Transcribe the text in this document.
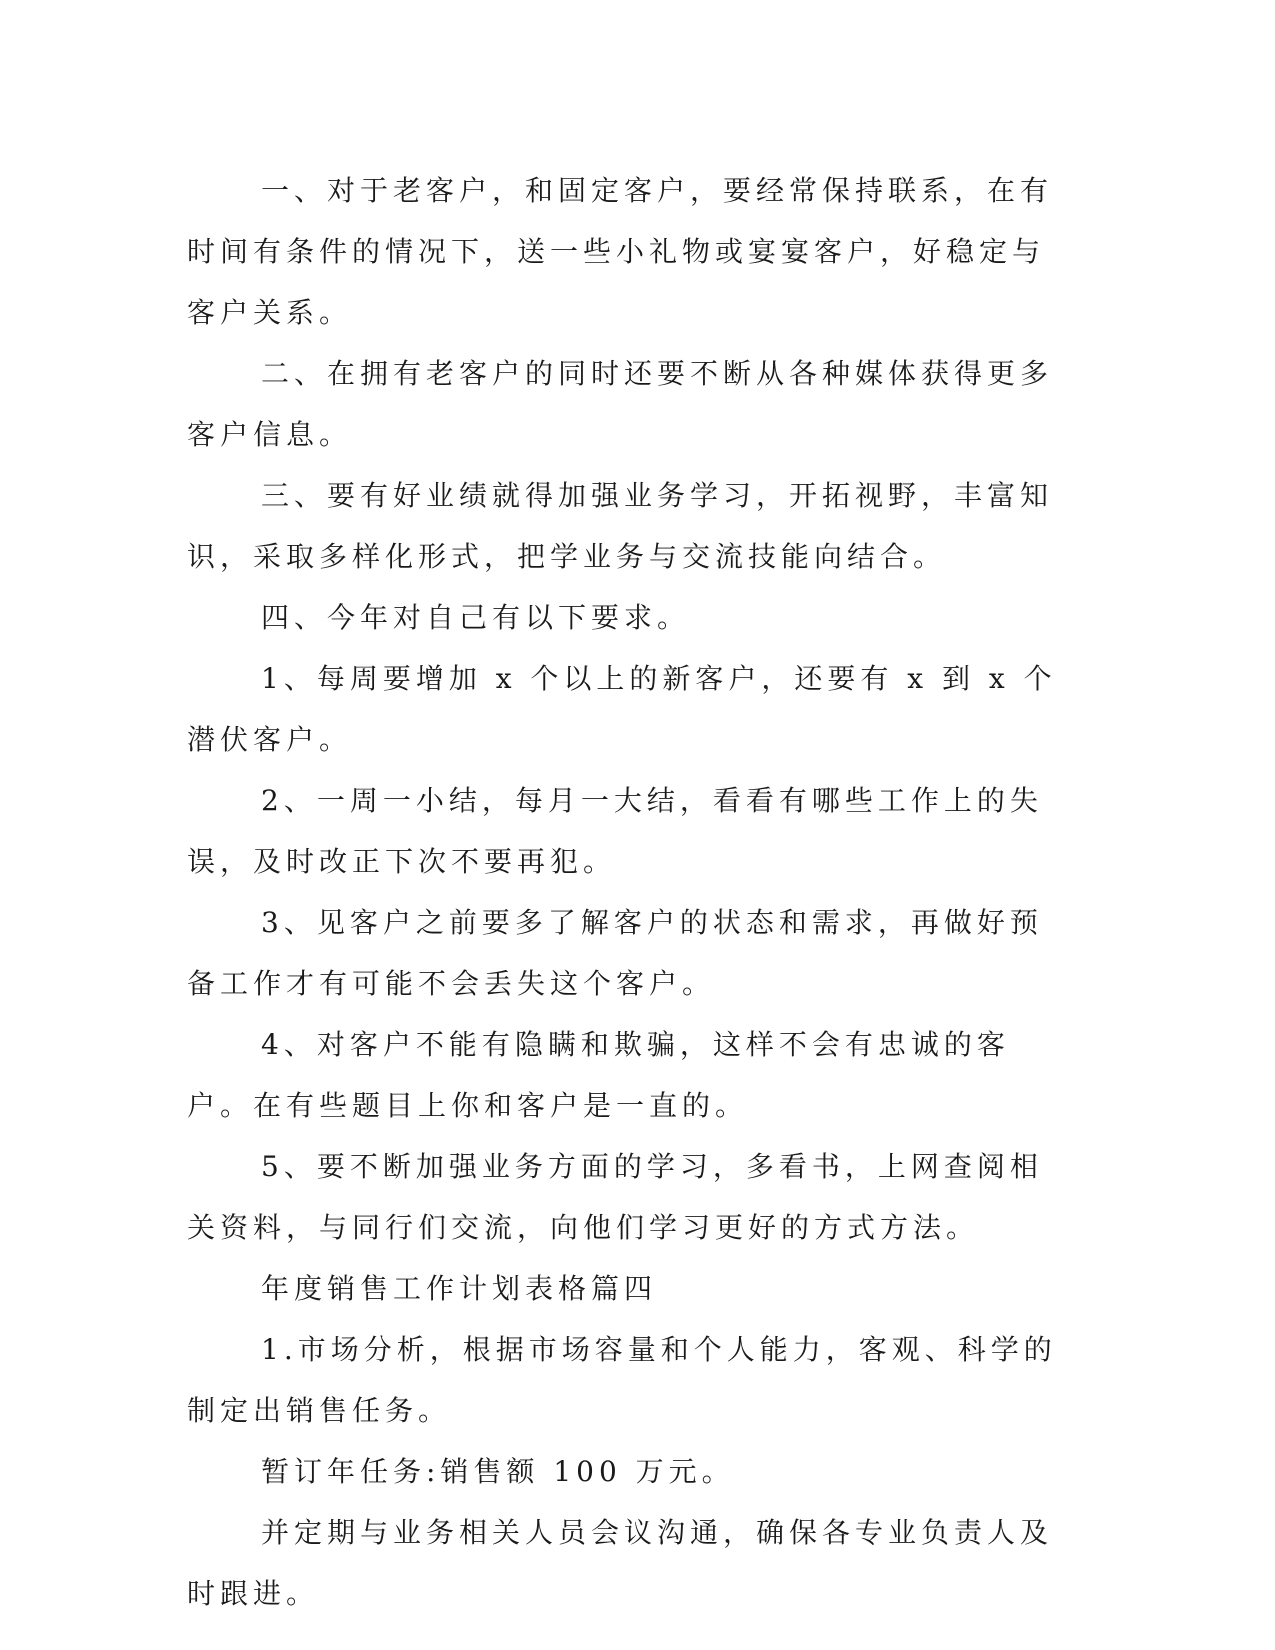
一、对于老客户，和固定客户，要经常保持联系，在有时间有条件的情况下，送一些小礼物或宴宴客户，好稳定与客户关系。

二、在拥有老客户的同时还要不断从各种媒体获得更多客户信息。

三、要有好业绩就得加强业务学习，开拓视野，丰富知识，采取多样化形式，把学业务与交流技能向结合。

四、今年对自己有以下要求。

1、每周要增加 x 个以上的新客户，还要有 x 到 x 个潜伏客户。

2、一周一小结，每月一大结，看看有哪些工作上的失误，及时改正下次不要再犯。

3、见客户之前要多了解客户的状态和需求，再做好预备工作才有可能不会丢失这个客户。

4、对客户不能有隐瞒和欺骗，这样不会有忠诚的客户。在有些题目上你和客户是一直的。

5、要不断加强业务方面的学习，多看书，上网查阅相关资料，与同行们交流，向他们学习更好的方式方法。

年度销售工作计划表格篇四

1.市场分析，根据市场容量和个人能力，客观、科学的制定出销售任务。

暂订年任务:销售额 100 万元。

并定期与业务相关人员会议沟通，确保各专业负责人及时跟进。
